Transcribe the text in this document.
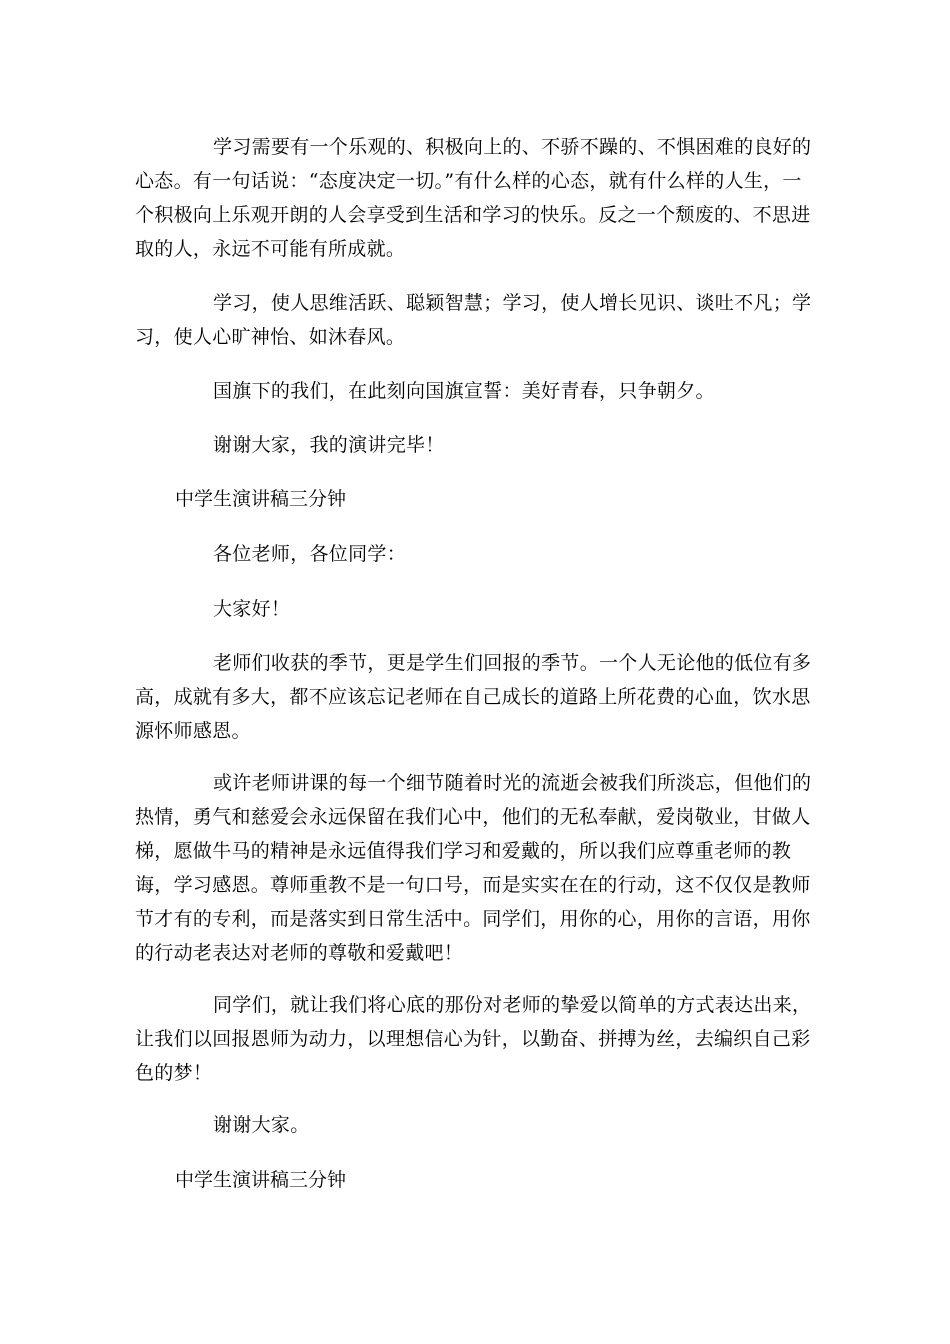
学习需要有一个乐观的、积极向上的、不骄不躁的、不惧困难的良好的心态。有一句话说：“态度决定一切。”有什么样的心态，就有什么样的人生，一个积极向上乐观开朗的人会享受到生活和学习的快乐。反之一个颓废的、不思进取的人，永远不可能有所成就。

学习，使人思维活跃、聪颖智慧；学习，使人增长见识、谈吐不凡；学习，使人心旷神怡、如沐春风。

国旗下的我们，在此刻向国旗宣誓：美好青春，只争朝夕。

谢谢大家，我的演讲完毕！

中学生演讲稿三分钟

各位老师，各位同学：

大家好！

老师们收获的季节，更是学生们回报的季节。一个人无论他的低位有多高，成就有多大，都不应该忘记老师在自己成长的道路上所花费的心血，饮水思源怀师感恩。

或许老师讲课的每一个细节随着时光的流逝会被我们所淡忘，但他们的热情，勇气和慈爱会永远保留在我们心中，他们的无私奉献，爱岗敬业，甘做人梯，愿做牛马的精神是永远值得我们学习和爱戴的，所以我们应尊重老师的教诲，学习感恩。尊师重教不是一句口号，而是实实在在的行动，这不仅仅是教师节才有的专利，而是落实到日常生活中。同学们，用你的心，用你的言语，用你的行动老表达对老师的尊敬和爱戴吧！

同学们，就让我们将心底的那份对老师的挚爱以简单的方式表达出来，让我们以回报恩师为动力，以理想信心为针，以勤奋、拼搏为丝，去编织自己彩色的梦！

谢谢大家。

中学生演讲稿三分钟
